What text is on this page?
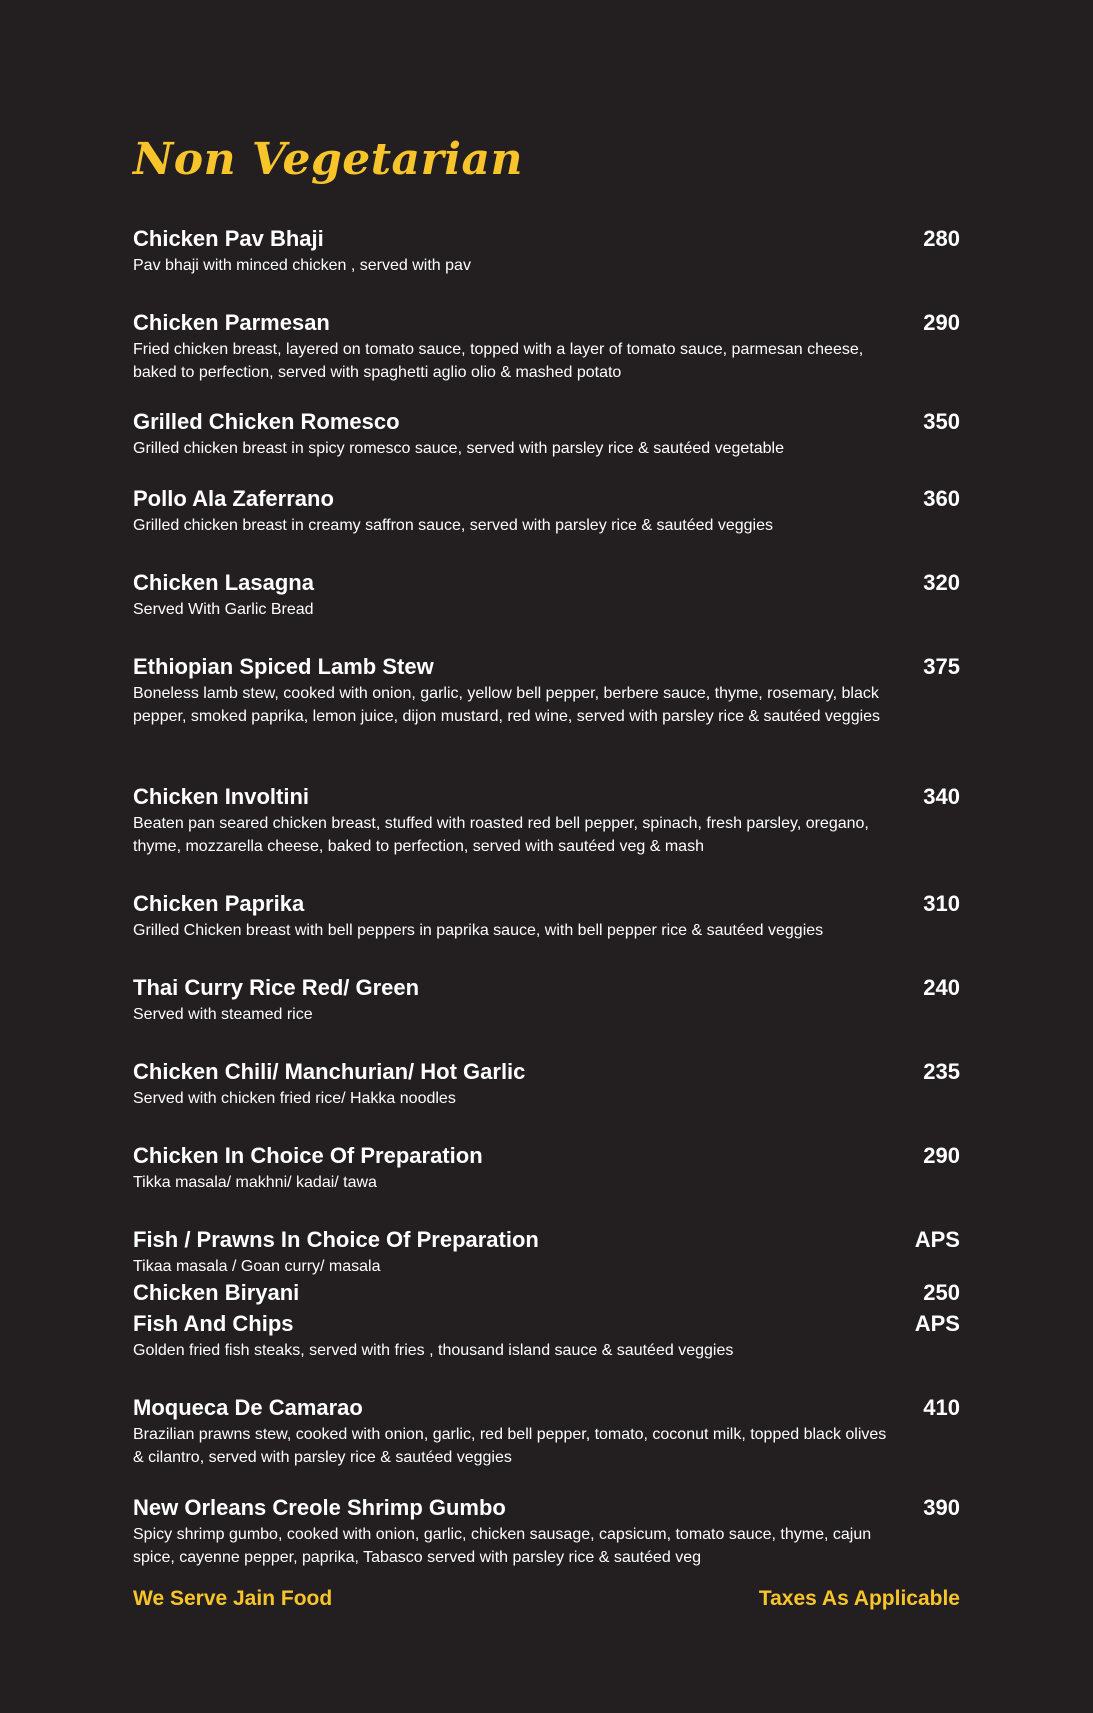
Non Vegetarian
Chicken Pav Bhaji	280
Pav bhaji with minced chicken , served with pav
Chicken Parmesan	290
Fried chicken breast, layered on tomato sauce, topped with a layer of tomato sauce, parmesan cheese, baked to perfection, served with spaghetti aglio olio & mashed potato
Grilled Chicken Romesco	350
Grilled chicken breast in spicy romesco sauce, served with parsley rice & sautéed vegetable
Pollo Ala Zaferrano	360
Grilled chicken breast in creamy saffron sauce, served with parsley rice & sautéed veggies
Chicken Lasagna	320
Served With Garlic Bread
Ethiopian Spiced Lamb Stew	375
Boneless lamb stew, cooked with onion, garlic, yellow bell pepper, berbere sauce, thyme, rosemary, black pepper, smoked paprika, lemon juice, dijon mustard, red wine, served with parsley rice & sautéed veggies
Chicken Involtini	340
Beaten pan seared chicken breast, stuffed with roasted red bell pepper, spinach, fresh parsley, oregano, thyme, mozzarella cheese, baked to perfection, served with sautéed veg & mash
Chicken Paprika	310
Grilled Chicken breast with bell peppers in paprika sauce, with bell pepper rice & sautéed veggies
Thai Curry Rice Red/ Green	240
Served with steamed rice
Chicken Chili/ Manchurian/ Hot Garlic	235
Served with chicken fried rice/ Hakka noodles
Chicken In Choice Of Preparation	290
Tikka masala/ makhni/ kadai/ tawa
Fish / Prawns In Choice Of Preparation	APS
Tikaa masala / Goan curry/ masala
Chicken Biryani	250
Fish And Chips	APS
Golden fried fish steaks, served with fries , thousand island sauce & sautéed veggies
Moqueca De Camarao	410
Brazilian prawns stew, cooked with onion, garlic, red bell pepper, tomato, coconut milk, topped black olives & cilantro, served with parsley rice & sautéed veggies
New Orleans Creole Shrimp Gumbo	390
Spicy shrimp gumbo, cooked with onion, garlic, chicken sausage, capsicum, tomato sauce, thyme, cajun spice, cayenne pepper, paprika, Tabasco served with parsley rice & sautéed veg
We Serve Jain Food	Taxes As Applicable
